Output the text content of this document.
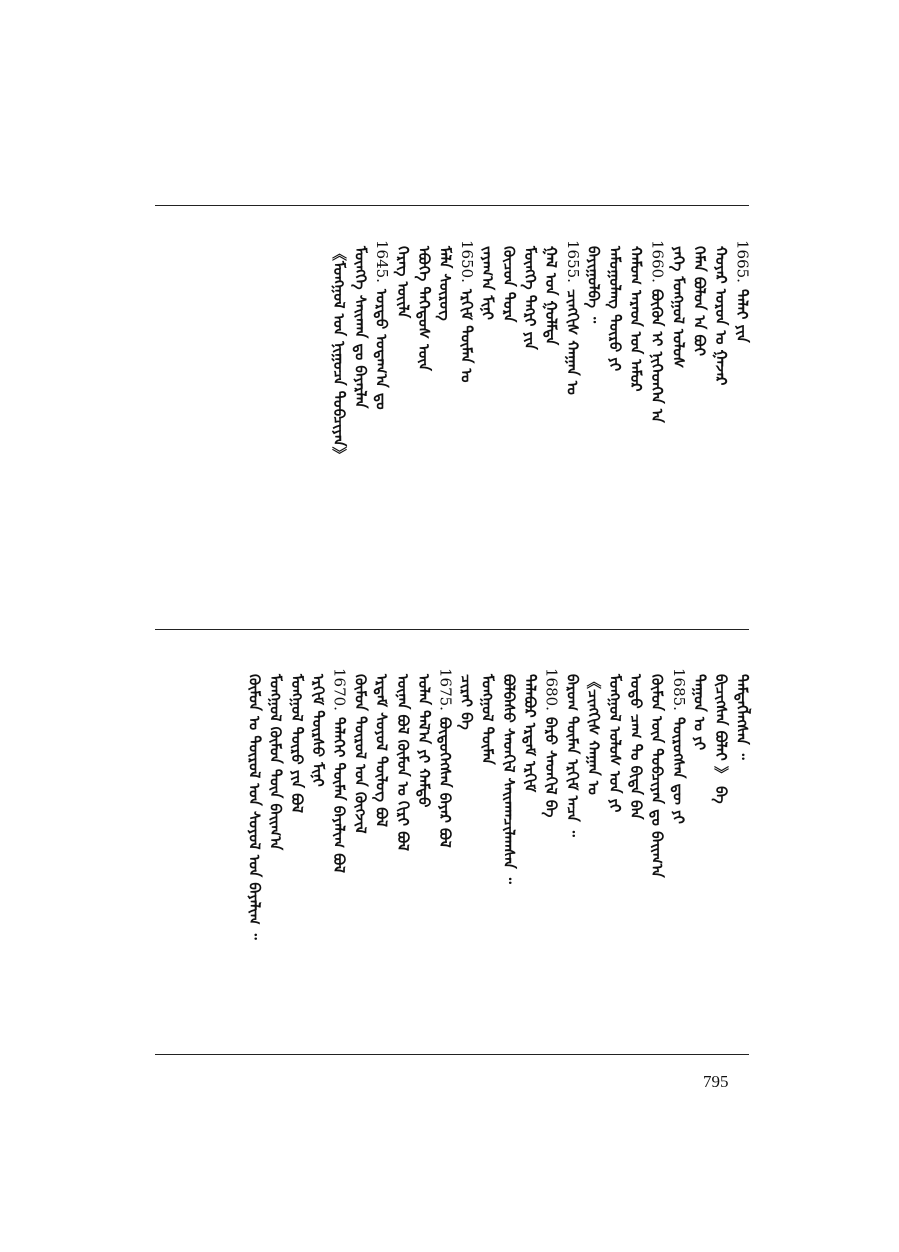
1665.
ᠳᠠᠯᠠᠢ ᠶᠢᠨ
ᠬᠣᠶᠠᠷ ᠣᠷᠣᠨ ᠤ ᠭᠠᠵᠠᠷ
ᠬᠡᠮᠡᠨ ᠪᠣᠯᠣᠨ ᠠ ᠪᠣᠢ
ᠶᠡᠬᠡ ᠮᠣᠩᠭᠣᠯ ᠤᠯᠤᠰ
1660.
ᠪᠦᠬᠦᠨ ᠢ ᠨᠢᠭᠡᠳᠬᠡᠨ ᠠ
ᠬᠠᠮᠤᠭ ᠠᠷᠠᠳ ᠤᠨ ᠠᠮᠤᠷ
ᠠᠮᠤᠭᠤᠯᠠᠩ ᠲᠥᠷᠥ ᠶᠢ
ᠪᠠᠶᠢᠭᠤᠯᠪᠠ ᠃
1655.
ᠴᠢᠩᠭᠢᠰ ᠬᠠᠭᠠᠨ ᠤ
ᠭᠠᠯ ᠤᠨ ᠭᠣᠯᠮᠲᠠ
ᠮᠥᠩᠬᠡ ᠲᠩᠷᠢ ᠶᠢᠨ
ᠬᠦᠴᠦᠨ ᠳᠣᠷᠠ
ᠵᠠᠶᠠᠭ᠎ᠠ ᠮᠢᠨᠢ
1650.
ᠡᠷᠬᠢᠮ ᠲᠦᠮᠡᠨ ᠣ
ᠮᠠᠯᠠ ᠰᠦᠷᠦᠭ
ᠡᠪᠦᠭᠡ ᠳᠡᠭᠡᠳᠦᠰ ᠦᠨ
ᠬᠡᠷᠡᠭ ᠦᠢᠯᠡ
1645.
ᠤᠷᠲᠤ ᠤᠳᠠᠭ᠎ᠠ ᠳᠤ
ᠮᠥᠩᠬᠡ ᠰᠠᠢᠬᠠᠨ ᠳᠤ ᠪᠠᠶᠠᠷᠯᠠᠨ
《ᠮᠣᠩᠭᠣᠯ ᠤᠨ ᠨᠢᠭᠤᠴᠠ ᠲᠣᠪᠴᠢᠶᠠᠨ》
ᠲᠡᠮᠳᠡᠭᠯᠡᠭᠰᠡᠨ ᠃
ᠪᠢᠴᠢᠭᠰᠡᠨ ᠪᠣᠯᠠᠢ 》 ᠪᠠ
ᠳᠠᠭᠤᠨ ᠤ ᠶᠢ
1685.
ᠲᠦᠷᠦᠭᠰᠡᠨ ᠳᠦ ᠶᠢ
ᠬᠦᠮᠦᠨ ᠦᠨ ᠲᠣᠪᠴᠢᠶᠠᠨ ᠳᠤ ᠪᠠᠢᠭ᠎ᠠ
ᠣᠳᠣ ᠴᠠᠭ ᠲᠤ ᠪᠢᠳᠡ ᠪᠠᠨ
ᠮᠣᠩᠭᠣᠯ ᠤᠯᠤᠰ ᠤᠨ ᠶᠢ
《ᠴᠢᠩᠭᠢᠰ ᠬᠠᠭᠠᠨ ᠤ
ᠪᠠᠷᠤᠭ ᠲᠦᠮᠡᠨ ᠡᠷᠬᠢᠮ ᠠᠴᠠ ᠃
1680.
ᠪᠠᠷᠤ ᠰᠡᠳᠬᠢᠯ ᠪᠠ
ᠲᠠᠯᠠᠪᠤᠷ ᠡᠷᠳᠡᠮ ᠡᠷᠬᠢᠮ
ᠪᠣᠯᠪᠠᠰᠤ ᠰᠡᠳᠬᠢᠯ ᠰᠠᠢᠬᠠᠨᠴᠢᠯᠠᠭᠰᠠᠨ ᠃
ᠮᠣᠩᠭᠣᠯ ᠲᠦᠮᠡᠨ
ᠴᠢᠷᠠᠢ ᠪᠠ
1675.
ᠪᠦᠲᠦᠭᠡᠭᠰᠡᠨ ᠪᠠᠶᠠᠷ ᠪᠣᠯ
ᠣᠯᠠᠨ ᠲᠠᠯ᠎ᠠ ᠶᠢ ᠬᠠᠮᠲᠤ
ᠦᠨᠡᠨ ᠪᠣᠯ ᠬᠦᠮᠦᠨ ᠤ ᠬᠢᠷᠢ ᠪᠣᠯ
ᠡᠷᠳᠡᠮ ᠰᠣᠶᠣᠯ ᠲᠥᠯᠥᠭ ᠪᠣᠯ
ᠬᠦᠮᠦᠨ ᠲᠥᠷᠥᠯ ᠤᠨ ᠬᠥᠭᠵᠢᠯ
1670.
ᠳᠡᠯᠡᠬᠡᠢ ᠳᠦᠮᠡᠨ ᠪᠠᠶᠠᠯᠢᠭ ᠪᠣᠯ
ᠡᠷᠬᠢᠮ ᠳᠦᠷᠰᠦ ᠮᠢᠨᠢ
ᠮᠣᠩᠭᠣᠯ ᠲᠥᠷᠥ ᠶᠢᠨ ᠪᠣᠯ
ᠮᠣᠩᠭᠣᠯ ᠬᠦᠮᠦᠨ ᠳᠦᠨ ᠪᠠᠢᠭ᠎ᠠ
ᠬᠦᠮᠦᠨ ᠤ ᠲᠥᠷᠥᠯ ᠤᠨ ᠰᠣᠶᠣᠯ ᠤᠨ ᠪᠠᠶᠠᠯᠢᠭ ᠃
795
